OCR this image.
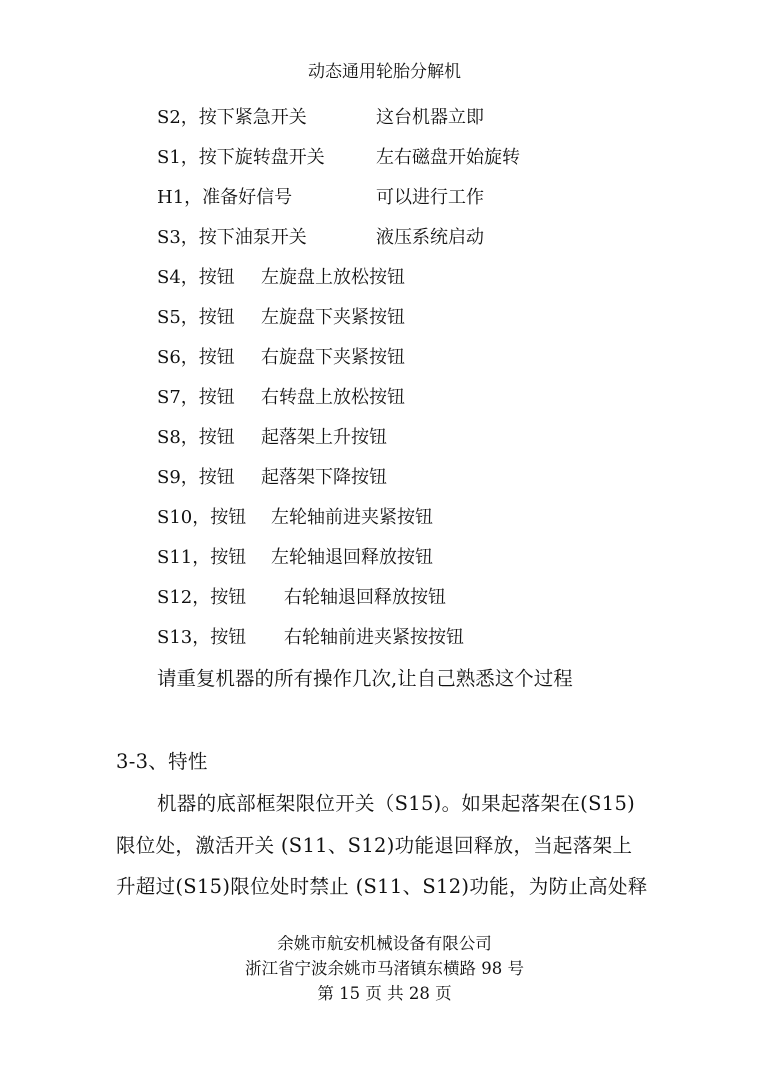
动态通用轮胎分解机
S2，按下紧急开关	这台机器立即
S1，按下旋转盘开关	左右磁盘开始旋转
H1，准备好信号	可以进行工作
S3，按下油泵开关	液压系统启动
S4，按钮 左旋盘上放松按钮
S5，按钮 左旋盘下夹紧按钮
S6，按钮 右旋盘下夹紧按钮
S7，按钮 右转盘上放松按钮
S8，按钮 起落架上升按钮
S9，按钮 起落架下降按钮
S10，按钮 左轮轴前进夹紧按钮
S11，按钮 左轮轴退回释放按钮
S12，按钮 右轮轴退回释放按钮
S13，按钮 右轮轴前进夹紧按按钮
请重复机器的所有操作几次,让自己熟悉这个过程
3-3、特性
机器的底部框架限位开关（S15)。如果起落架在(S15)
限位处，激活开关 (S11、S12)功能退回释放，当起落架上
升超过(S15)限位处时禁止 (S11、S12)功能，为防止高处释
余姚市航安机械设备有限公司
浙江省宁波余姚市马渚镇东横路 98 号
第 15 页 共 28 页
